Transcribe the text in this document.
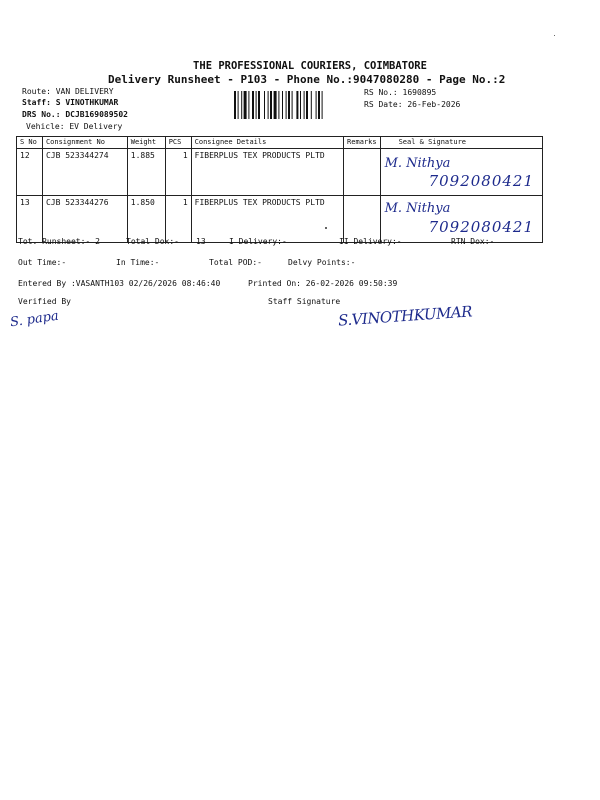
THE PROFESSIONAL COURIERS, COIMBATORE
Delivery Runsheet - P103 - Phone No.:9047080280 - Page No.:2
Route: VAN DELIVERY
Staff: S VINOTHKUMAR
DRS No.: DCJB169089502
Vehicle: EV Delivery
RS No.: 1690895
RS Date: 26-Feb-2026
S No	Consignment No	Weight	PCS	Consignee Details	Remarks	Seal & Signature
12	CJB 523344274	1.885	1	FIBERPLUS TEX PRODUCTS PLTD		M. Nithya
7092080421

13	CJB 523344276	1.850	1	FIBERPLUS TEX PRODUCTS PLTD		M. Nithya
7092080421
Tot. Runsheet:- 2	Total Dox:- 13	I Delivery:-	II Delivery:-	RTN Dox:-
Out Time:-	In Time:-	Total POD:-	Delvy Points:-
Entered By :VASANTH103 02/26/2026 08:46:40	Printed On: 26-02-2026 09:50:39
Verified By	Staff Signature
S. papa	S.VINOTHKUMAR
